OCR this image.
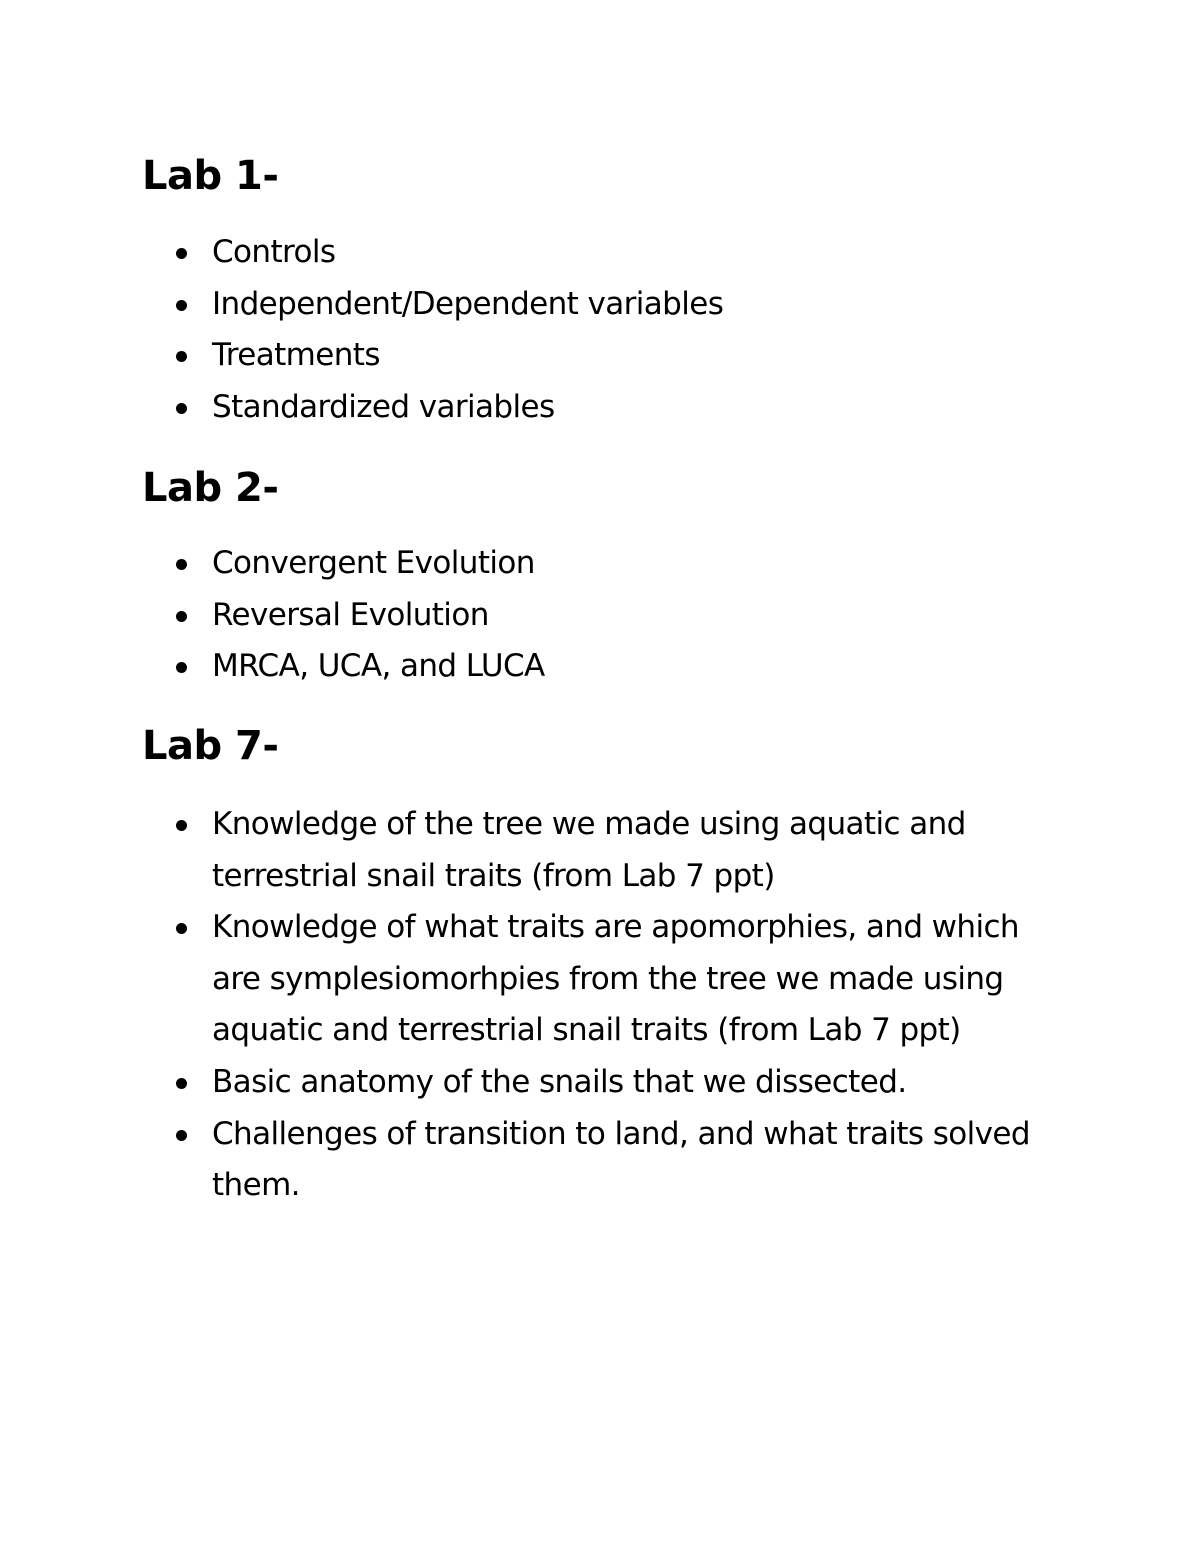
Lab 1-
Controls
Independent/Dependent variables
Treatments
Standardized variables
Lab 2-
Convergent Evolution
Reversal Evolution
MRCA, UCA, and LUCA
Lab 7-
Knowledge of the tree we made using aquatic and terrestrial snail traits (from Lab 7 ppt)
Knowledge of what traits are apomorphies, and which are symplesiomorhpies from the tree we made using aquatic and terrestrial snail traits (from Lab 7 ppt)
Basic anatomy of the snails that we dissected.
Challenges of transition to land, and what traits solved them.
